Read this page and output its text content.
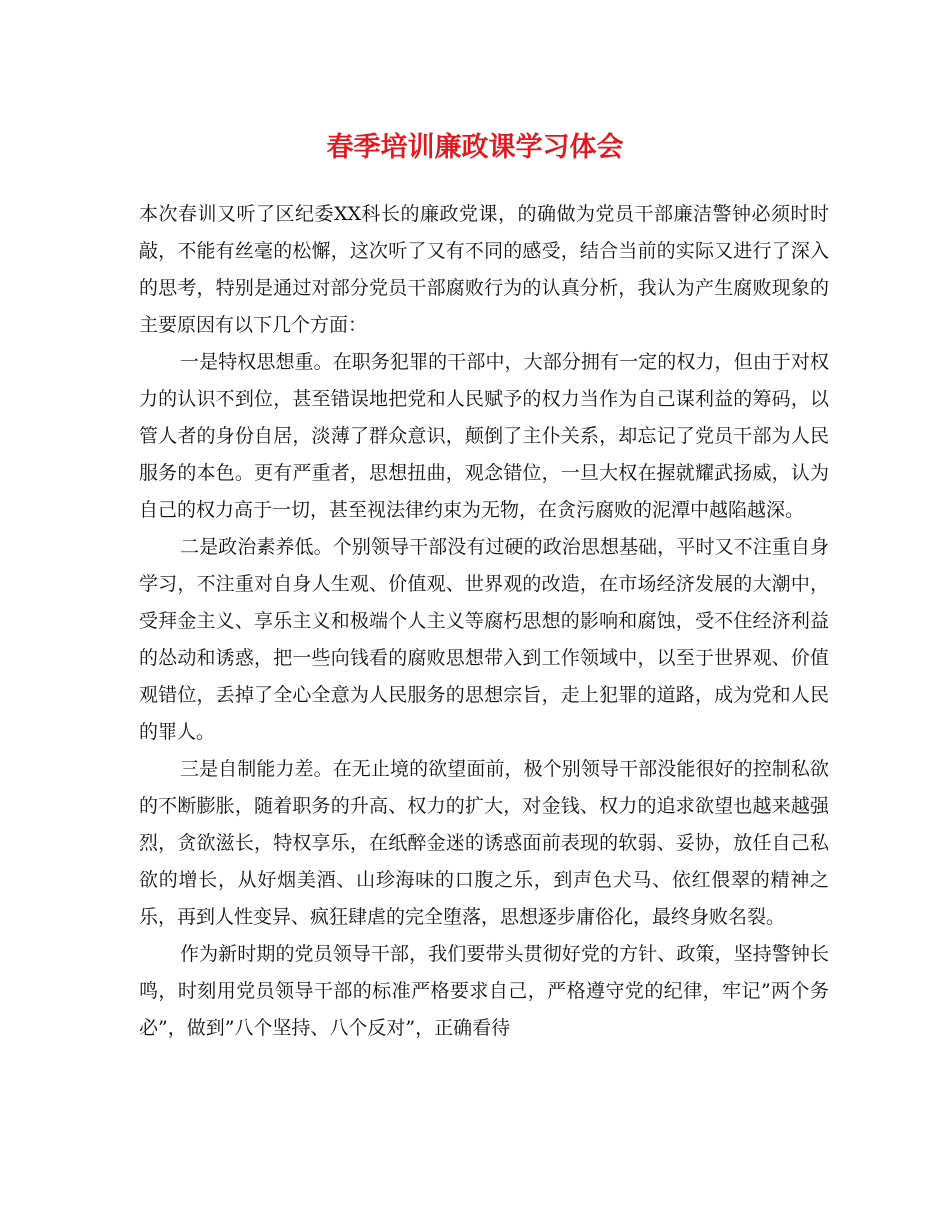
春季培训廉政课学习体会

本次春训又听了区纪委XX科长的廉政党课，的确做为党员干部廉洁警钟必须时时敲，不能有丝毫的松懈，这次听了又有不同的感受，结合当前的实际又进行了深入的思考，特别是通过对部分党员干部腐败行为的认真分析，我认为产生腐败现象的主要原因有以下几个方面：

一是特权思想重。在职务犯罪的干部中，大部分拥有一定的权力，但由于对权力的认识不到位，甚至错误地把党和人民赋予的权力当作为自己谋利益的筹码，以管人者的身份自居，淡薄了群众意识，颠倒了主仆关系，却忘记了党员干部为人民服务的本色。更有严重者，思想扭曲，观念错位，一旦大权在握就耀武扬威，认为自己的权力高于一切，甚至视法律约束为无物，在贪污腐败的泥潭中越陷越深。

二是政治素养低。个别领导干部没有过硬的政治思想基础，平时又不注重自身学习，不注重对自身人生观、价值观、世界观的改造，在市场经济发展的大潮中，受拜金主义、享乐主义和极端个人主义等腐朽思想的影响和腐蚀，受不住经济利益的怂动和诱惑，把一些向钱看的腐败思想带入到工作领域中，以至于世界观、价值观错位，丢掉了全心全意为人民服务的思想宗旨，走上犯罪的道路，成为党和人民的罪人。

三是自制能力差。在无止境的欲望面前，极个别领导干部没能很好的控制私欲的不断膨胀，随着职务的升高、权力的扩大，对金钱、权力的追求欲望也越来越强烈，贪欲滋长，特权享乐，在纸醉金迷的诱惑面前表现的软弱、妥协，放任自己私欲的增长，从好烟美酒、山珍海味的口腹之乐，到声色犬马、依红偎翠的精神之乐，再到人性变异、疯狂肆虐的完全堕落，思想逐步庸俗化，最终身败名裂。

作为新时期的党员领导干部，我们要带头贯彻好党的方针、政策，坚持警钟长鸣，时刻用党员领导干部的标准严格要求自己，严格遵守党的纪律，牢记”两个务必”，做到”八个坚持、八个反对”，正确看待
